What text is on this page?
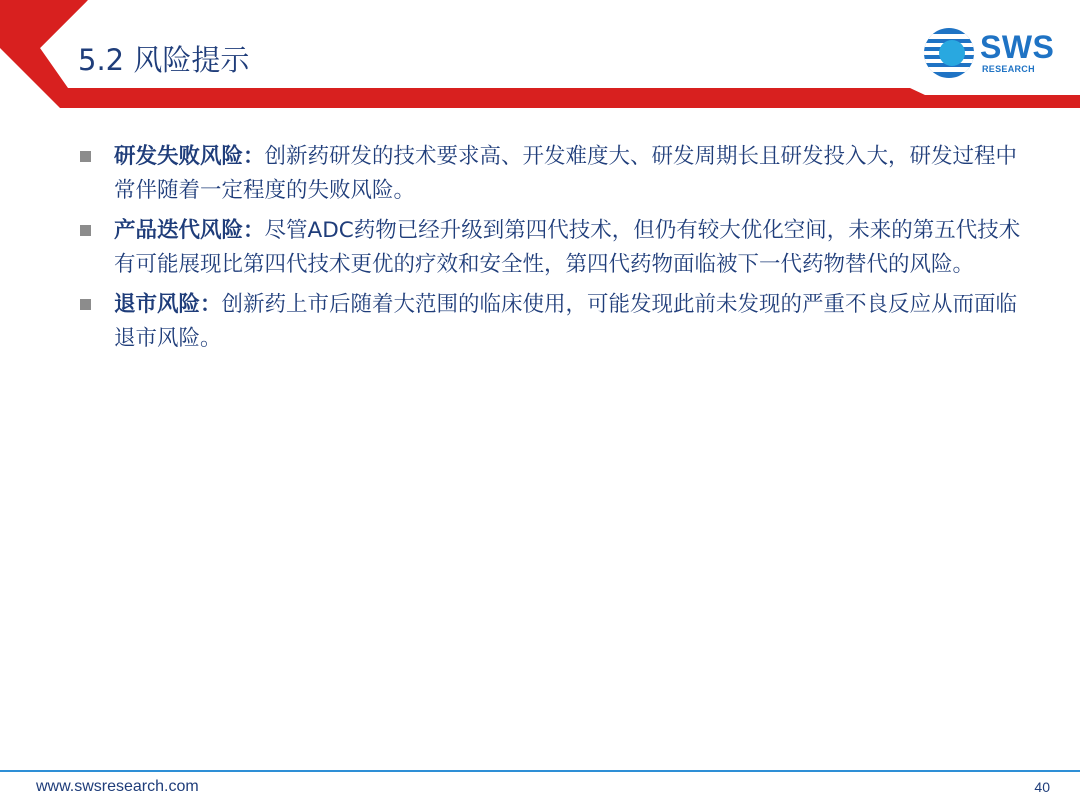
5.2 风险提示	SWS
RESEARCH
研发失败风险：创新药研发的技术要求高、开发难度大、研发周期长且研发投入大，研发过程中常伴随着一定程度的失败风险。
产品迭代风险：尽管ADC药物已经升级到第四代技术，但仍有较大优化空间，未来的第五代技术有可能展现比第四代技术更优的疗效和安全性，第四代药物面临被下一代药物替代的风险。
退市风险：创新药上市后随着大范围的临床使用，可能发现此前未发现的严重不良反应从而面临退市风险。
www.swsresearch.com	40
